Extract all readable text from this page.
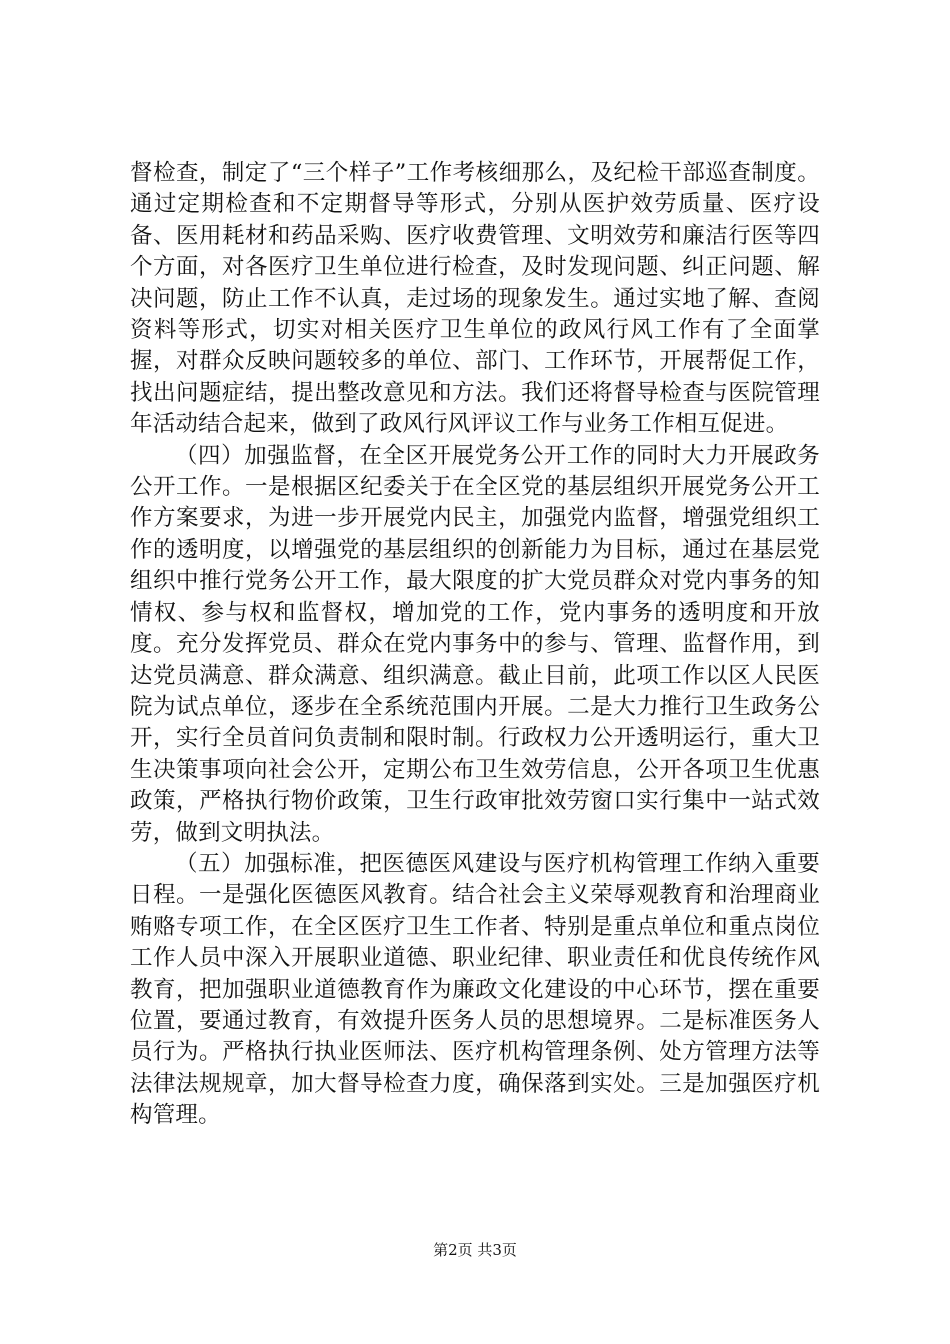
督检查，制定了“三个样子”工作考核细那么，及纪检干部巡查制度。通过定期检查和不定期督导等形式，分别从医护效劳质量、医疗设备、医用耗材和药品采购、医疗收费管理、文明效劳和廉洁行医等四个方面，对各医疗卫生单位进行检查，及时发现问题、纠正问题、解决问题，防止工作不认真，走过场的现象发生。通过实地了解、查阅资料等形式，切实对相关医疗卫生单位的政风行风工作有了全面掌握，对群众反映问题较多的单位、部门、工作环节，开展帮促工作，找出问题症结，提出整改意见和方法。我们还将督导检查与医院管理年活动结合起来，做到了政风行风评议工作与业务工作相互促进。

（四）加强监督，在全区开展党务公开工作的同时大力开展政务公开工作。一是根据区纪委关于在全区党的基层组织开展党务公开工作方案要求，为进一步开展党内民主，加强党内监督，增强党组织工作的透明度，以增强党的基层组织的创新能力为目标，通过在基层党组织中推行党务公开工作，最大限度的扩大党员群众对党内事务的知情权、参与权和监督权，增加党的工作，党内事务的透明度和开放度。充分发挥党员、群众在党内事务中的参与、管理、监督作用，到达党员满意、群众满意、组织满意。截止目前，此项工作以区人民医院为试点单位，逐步在全系统范围内开展。二是大力推行卫生政务公开，实行全员首问负责制和限时制。行政权力公开透明运行，重大卫生决策事项向社会公开，定期公布卫生效劳信息，公开各项卫生优惠政策，严格执行物价政策，卫生行政审批效劳窗口实行集中一站式效劳，做到文明执法。

（五）加强标准，把医德医风建设与医疗机构管理工作纳入重要日程。一是强化医德医风教育。结合社会主义荣辱观教育和治理商业贿赂专项工作，在全区医疗卫生工作者、特别是重点单位和重点岗位工作人员中深入开展职业道德、职业纪律、职业责任和优良传统作风教育，把加强职业道德教育作为廉政文化建设的中心环节，摆在重要位置，要通过教育，有效提升医务人员的思想境界。二是标准医务人员行为。严格执行执业医师法、医疗机构管理条例、处方管理方法等法律法规规章，加大督导检查力度，确保落到实处。三是加强医疗机构管理。

第2页 共3页
